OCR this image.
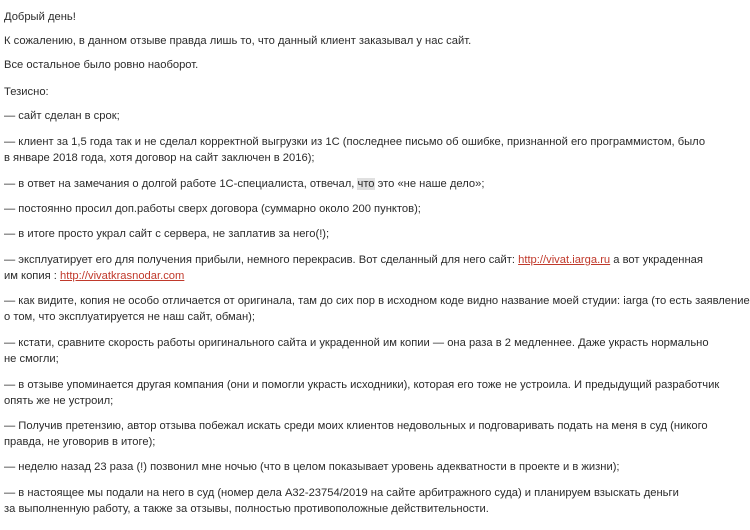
Добрый день!

К сожалению, в данном отзыве правда лишь то, что данный клиент заказывал у нас сайт.

Все остальное было ровно наоборот.

Тезисно:

— сайт сделан в срок;

— клиент за 1,5 года так и не сделал корректной выгрузки из 1С (последнее письмо об ошибке, признанной его программистом, было
в январе 2018 года, хотя договор на сайт заключен в 2016);

— в ответ на замечания о долгой работе 1С-специалиста, отвечал, что это «не наше дело»;

— постоянно просил доп.работы сверх договора (суммарно около 200 пунктов);

— в итоге просто украл сайт с сервера, не заплатив за него(!);

— эксплуатирует его для получения прибыли, немного перекрасив. Вот сделанный для него сайт: http://vivat.iarga.ru а вот украденная
им копия : http://vivatkrasnodar.com

— как видите, копия не особо отличается от оригинала, там до сих пор в исходном коде видно название моей студии: iarga (то есть заявление
о том, что эксплуатируется не наш сайт, обман);

— кстати, сравните скорость работы оригинального сайта и украденной им копии — она раза в 2 медленнее. Даже украсть нормально
не смогли;

— в отзыве упоминается другая компания (они и помогли украсть исходники), которая его тоже не устроила. И предыдущий разработчик
опять же не устроил;

— Получив претензию, автор отзыва побежал искать среди моих клиентов недовольных и подговаривать подать на меня в суд (никого
правда, не уговорив в итоге);

— неделю назад 23 раза (!) позвонил мне ночью (что в целом показывает уровень адекватности в проекте и в жизни);

— в настоящее мы подали на него в суд (номер дела А32-23754/2019 на сайте арбитражного суда) и планируем взыскать деньги
за выполненную работу, а также за отзывы, полностью противоположные действительности.
